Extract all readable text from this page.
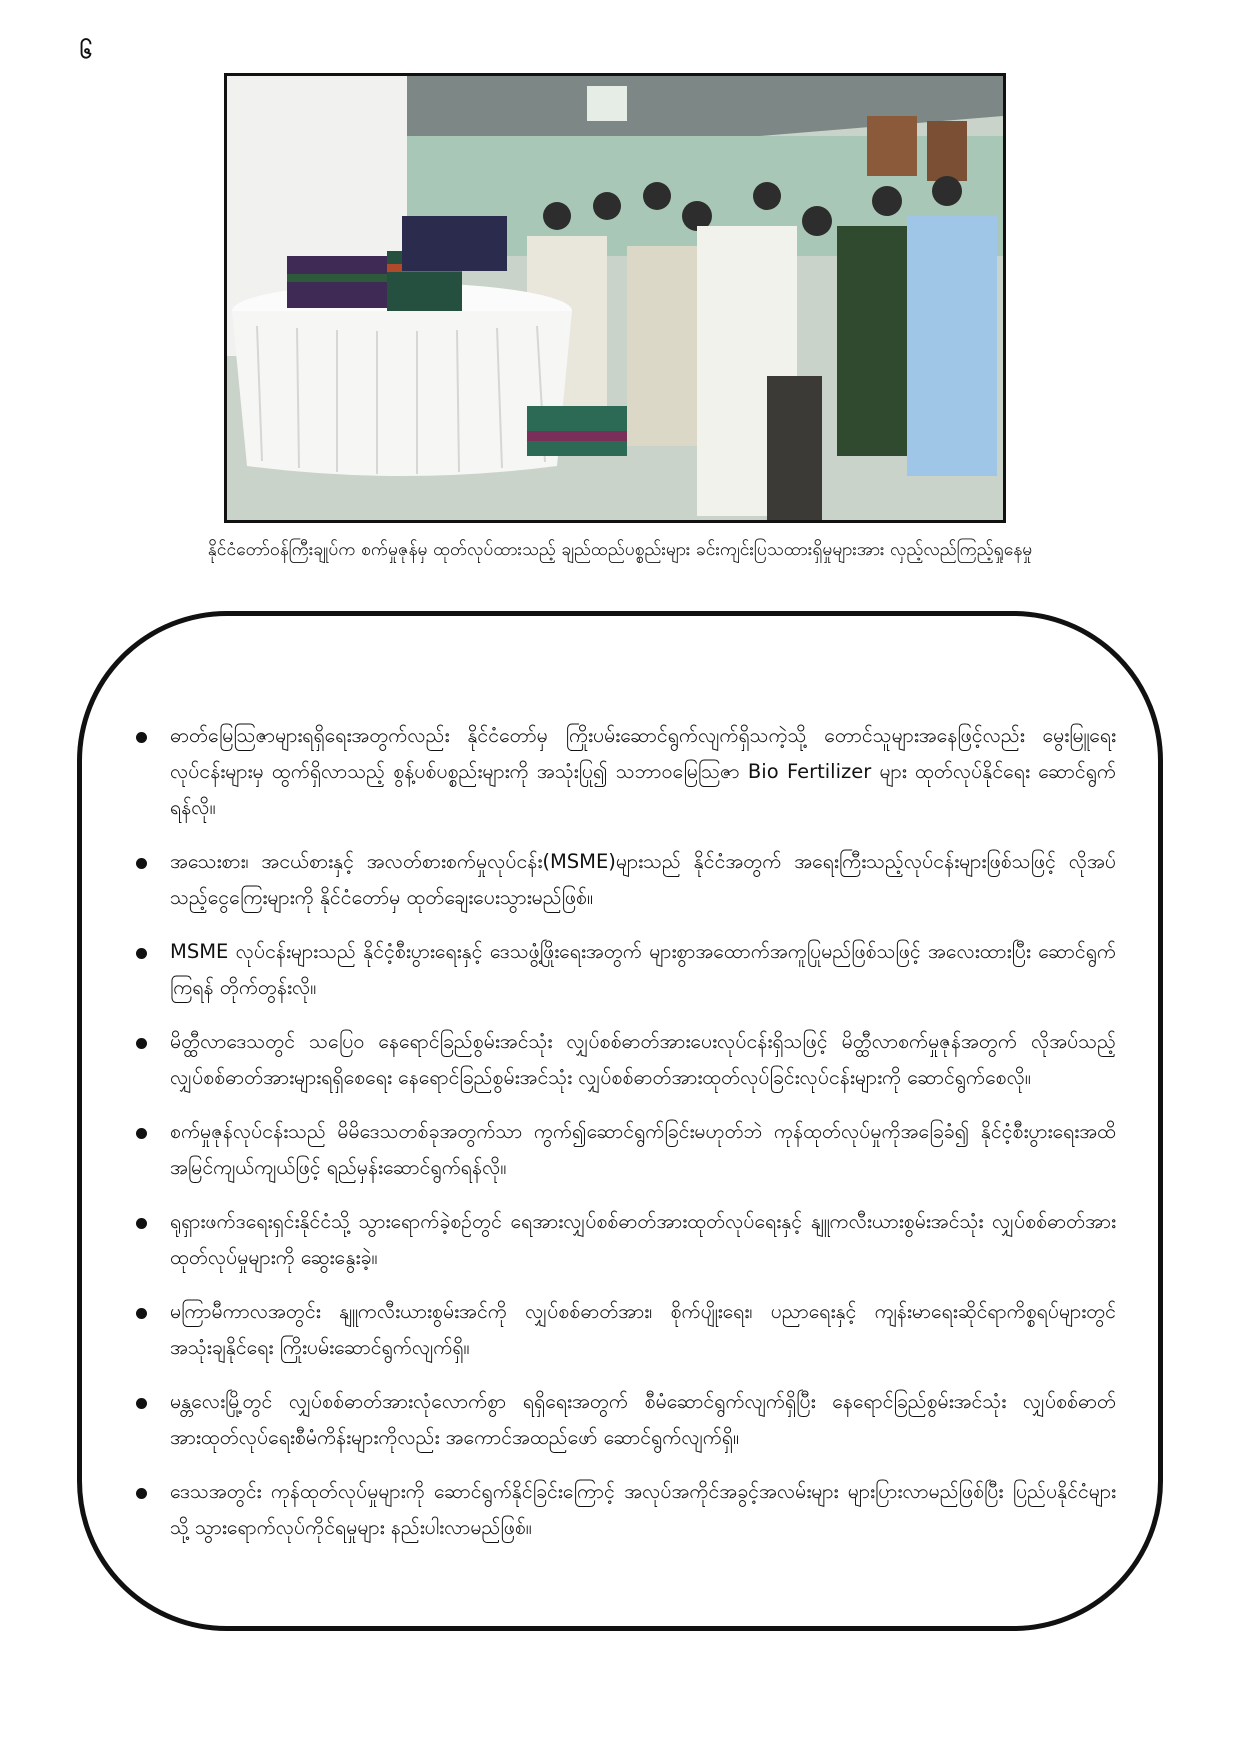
၆
နိုင်ငံတော်ဝန်ကြီးချုပ်က စက်မှုဇုန်မှ ထုတ်လုပ်ထားသည့် ချည်ထည်ပစ္စည်းများ ခင်းကျင်းပြသထားရှိမှုများအား လှည့်လည်ကြည့်ရှုနေမှု
ဓာတ်မြေဩဇာများရရှိရေးအတွက်လည်း နိုင်ငံတော်မှ ကြိုးပမ်းဆောင်ရွက်လျက်ရှိသကဲ့သို့ တောင်သူများအနေဖြင့်လည်း မွေးမြူရေးလုပ်ငန်းများမှ ထွက်ရှိလာသည့် စွန့်ပစ်ပစ္စည်းများကို အသုံးပြု၍ သဘာဝမြေဩဇာ Bio Fertilizer များ ထုတ်လုပ်နိုင်ရေး ဆောင်ရွက်ရန်လို။
အသေးစား၊ အငယ်စားနှင့် အလတ်စားစက်မှုလုပ်ငန်း(MSME)များသည် နိုင်ငံအတွက် အရေးကြီးသည့်လုပ်ငန်းများဖြစ်သဖြင့် လိုအပ်သည့်ငွေကြေးများကို နိုင်ငံတော်မှ ထုတ်ချေးပေးသွားမည်ဖြစ်။
MSME လုပ်ငန်းများသည် နိုင်ငံ့စီးပွားရေးနှင့် ဒေသဖွံ့ဖြိုးရေးအတွက် များစွာအထောက်အကူပြုမည်ဖြစ်သဖြင့် အလေးထားပြီး ဆောင်ရွက်ကြရန် တိုက်တွန်းလို။
မိတ္ထီလာဒေသတွင် သပြေဝ နေရောင်ခြည်စွမ်းအင်သုံး လျှပ်စစ်ဓာတ်အားပေးလုပ်ငန်းရှိသဖြင့် မိတ္ထီလာစက်မှုဇုန်အတွက် လိုအပ်သည့် လျှပ်စစ်ဓာတ်အားများရရှိစေရေး နေရောင်ခြည်စွမ်းအင်သုံး လျှပ်စစ်ဓာတ်အားထုတ်လုပ်ခြင်းလုပ်ငန်းများကို ဆောင်ရွက်စေလို။
စက်မှုဇုန်လုပ်ငန်းသည် မိမိဒေသတစ်ခုအတွက်သာ ကွက်၍ဆောင်ရွက်ခြင်းမဟုတ်ဘဲ ကုန်ထုတ်လုပ်မှုကိုအခြေခံ၍ နိုင်ငံ့စီးပွားရေးအထိ အမြင်ကျယ်ကျယ်ဖြင့် ရည်မှန်းဆောင်ရွက်ရန်လို။
ရုရှားဖက်ဒရေးရှင်းနိုင်ငံသို့ သွားရောက်ခဲ့စဉ်တွင် ရေအားလျှပ်စစ်ဓာတ်အားထုတ်လုပ်ရေးနှင့် နျူကလီးယားစွမ်းအင်သုံး လျှပ်စစ်ဓာတ်အား ထုတ်လုပ်မှုများကို ဆွေးနွေးခဲ့။
မကြာမီကာလအတွင်း နျူကလီးယားစွမ်းအင်ကို လျှပ်စစ်ဓာတ်အား၊ စိုက်ပျိုးရေး၊ ပညာရေးနှင့် ကျန်းမာရေးဆိုင်ရာကိစ္စရပ်များတွင် အသုံးချနိုင်ရေး ကြိုးပမ်းဆောင်ရွက်လျက်ရှိ။
မန္တလေးမြို့တွင် လျှပ်စစ်ဓာတ်အားလုံလောက်စွာ ရရှိရေးအတွက် စီမံဆောင်ရွက်လျက်ရှိပြီး နေရောင်ခြည်စွမ်းအင်သုံး လျှပ်စစ်ဓာတ်အားထုတ်လုပ်ရေးစီမံကိန်းများကိုလည်း အကောင်အထည်ဖော် ဆောင်ရွက်လျက်ရှိ။
ဒေသအတွင်း ကုန်ထုတ်လုပ်မှုများကို ဆောင်ရွက်နိုင်ခြင်းကြောင့် အလုပ်အကိုင်အခွင့်အလမ်းများ များပြားလာမည်ဖြစ်ပြီး ပြည်ပနိုင်ငံများသို့ သွားရောက်လုပ်ကိုင်ရမှုများ နည်းပါးလာမည်ဖြစ်။
